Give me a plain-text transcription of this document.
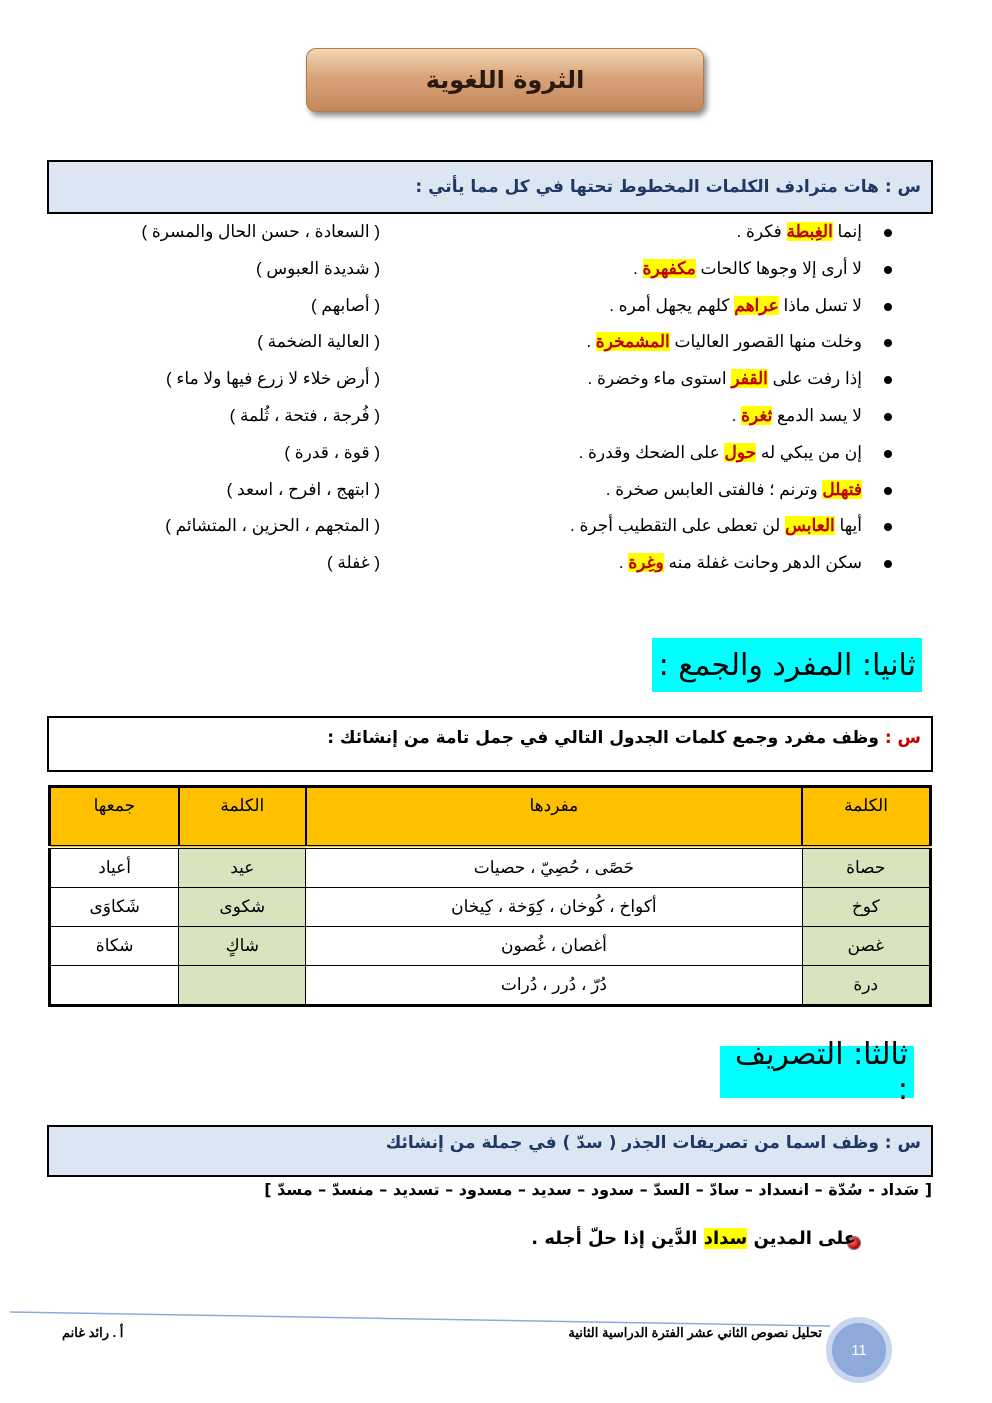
الثروة اللغوية
س : هات مترادف الكلمات المخطوط تحتها في كل مما يأتي :
إنما الغِبطة فكرة .
( السعادة ، حسن الحال والمسرة )
لا أرى إلا وجوها كالحات مكفهرة .
( شديدة العبوس )
لا تسل ماذا عراهم كلهم يجهل أمره .
( أصابهم )
وخلت منها القصور العاليات المشمخرة .
( العالية الضخمة )
إذا رفت على القفر استوى ماء وخضرة .
( أرض خلاء لا زرع فيها ولا ماء )
لا يسد الدمع ثغرة .
( فُرجة ، فتحة ، ثُلمة )
إن من يبكي له حول على الضحك وقدرة .
( قوة ، قدرة )
فتهلل وترنم ؛ فالفتى العابس صخرة .
( ابتهج ، افرح ، اسعد )
أيها العابس لن تعطى على التقطيب أجرة .
( المتجهم ، الحزين ، المتشائم )
سكن الدهر وحانت غفلة منه وغِرة .
( غفلة )
ثانيا: المفرد والجمع :
س :

وظف مفرد وجمع كلمات الجدول التالي في جمل تامة من إنشائك :
الكلمة	مفردها	الكلمة	جمعها
حصاة	حَصًى ، حُصِيّ ، حصيات	عيد	أعياد
كوخ	أكواخ ، كُوخان ، كِوَخة ، كِيخان	شكوى	شَكاوَى
غصن	أغصان ، غُصون	شاكٍ	شكاة
درة	دُرّ ، دُرر ، دُرات		
ثالثا: التصريف :
س : وظف اسما من تصريفات الجذر ( سدّ ) في جملة من إنشائك
[ سَداد - سُدّة – انسداد – سادّ – السدّ – سدود – سديد – مسدود – تسديد – منسدّ – مسدّ ]
على المدين سداد الدَّين إذا حلّ أجله .
تحليل نصوص الثاني عشر الفترة الدراسية الثانية
أ . رائد غانم
11
